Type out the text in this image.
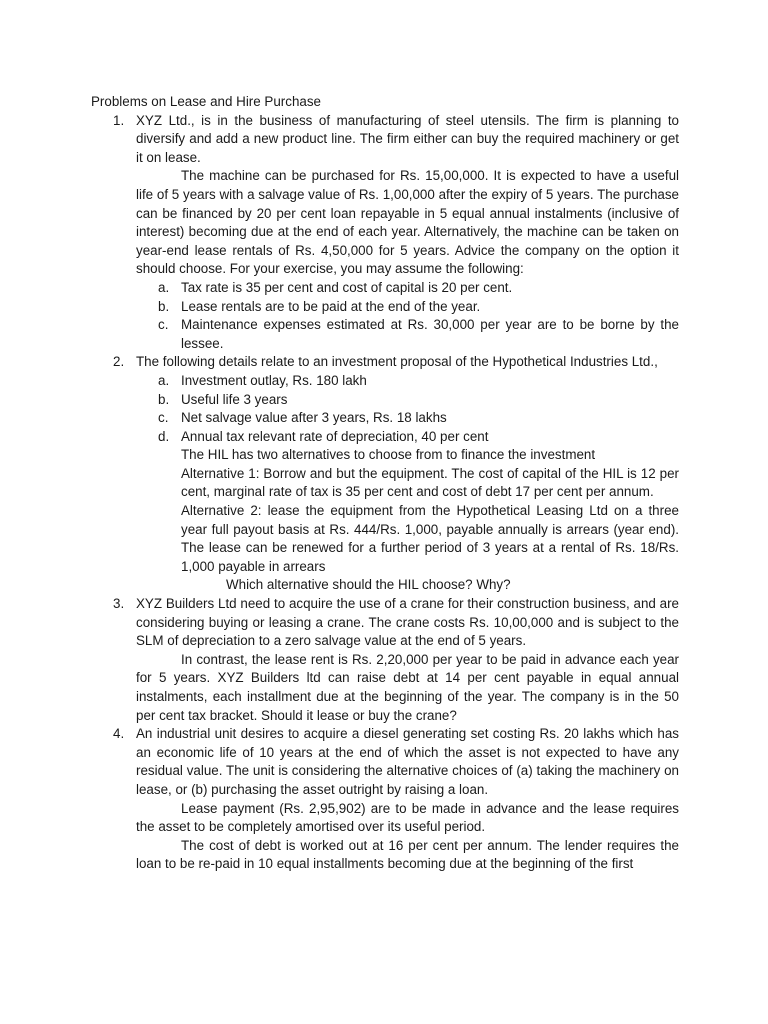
Problems on Lease and Hire Purchase

1. XYZ Ltd., is in the business of manufacturing of steel utensils. The firm is planning to diversify and add a new product line. The firm either can buy the required machinery or get it on lease.

The machine can be purchased for Rs. 15,00,000. It is expected to have a useful life of 5 years with a salvage value of Rs. 1,00,000 after the expiry of 5 years. The purchase can be financed by 20 per cent loan repayable in 5 equal annual instalments (inclusive of interest) becoming due at the end of each year. Alternatively, the machine can be taken on year-end lease rentals of Rs. 4,50,000 for 5 years. Advice the company on the option it should choose. For your exercise, you may assume the following:

a. Tax rate is 35 per cent and cost of capital is 20 per cent.

b. Lease rentals are to be paid at the end of the year.

c. Maintenance expenses estimated at Rs. 30,000 per year are to be borne by the lessee.

2. The following details relate to an investment proposal of the Hypothetical Industries Ltd.,

a. Investment outlay, Rs. 180 lakh

b. Useful life 3 years

c. Net salvage value after 3 years, Rs. 18 lakhs

d. Annual tax relevant rate of depreciation, 40 per cent

The HIL has two alternatives to choose from to finance the investment

Alternative 1: Borrow and but the equipment. The cost of capital of the HIL is 12 per cent, marginal rate of tax is 35 per cent and cost of debt 17 per cent per annum.

Alternative 2: lease the equipment from the Hypothetical Leasing Ltd on a three year full payout basis at Rs. 444/Rs. 1,000, payable annually is arrears (year end). The lease can be renewed for a further period of 3 years at a rental of Rs. 18/Rs. 1,000 payable in arrears

Which alternative should the HIL choose? Why?

3. XYZ Builders Ltd need to acquire the use of a crane for their construction business, and are considering buying or leasing a crane. The crane costs Rs. 10,00,000 and is subject to the SLM of depreciation to a zero salvage value at the end of 5 years.

In contrast, the lease rent is Rs. 2,20,000 per year to be paid in advance each year for 5 years. XYZ Builders ltd can raise debt at 14 per cent payable in equal annual instalments, each installment due at the beginning of the year. The company is in the 50 per cent tax bracket. Should it lease or buy the crane?

4. An industrial unit desires to acquire a diesel generating set costing Rs. 20 lakhs which has an economic life of 10 years at the end of which the asset is not expected to have any residual value. The unit is considering the alternative choices of (a) taking the machinery on lease, or (b) purchasing the asset outright by raising a loan.

Lease payment (Rs. 2,95,902) are to be made in advance and the lease requires the asset to be completely amortised over its useful period.

The cost of debt is worked out at 16 per cent per annum. The lender requires the loan to be re-paid in 10 equal installments becoming due at the beginning of the first
